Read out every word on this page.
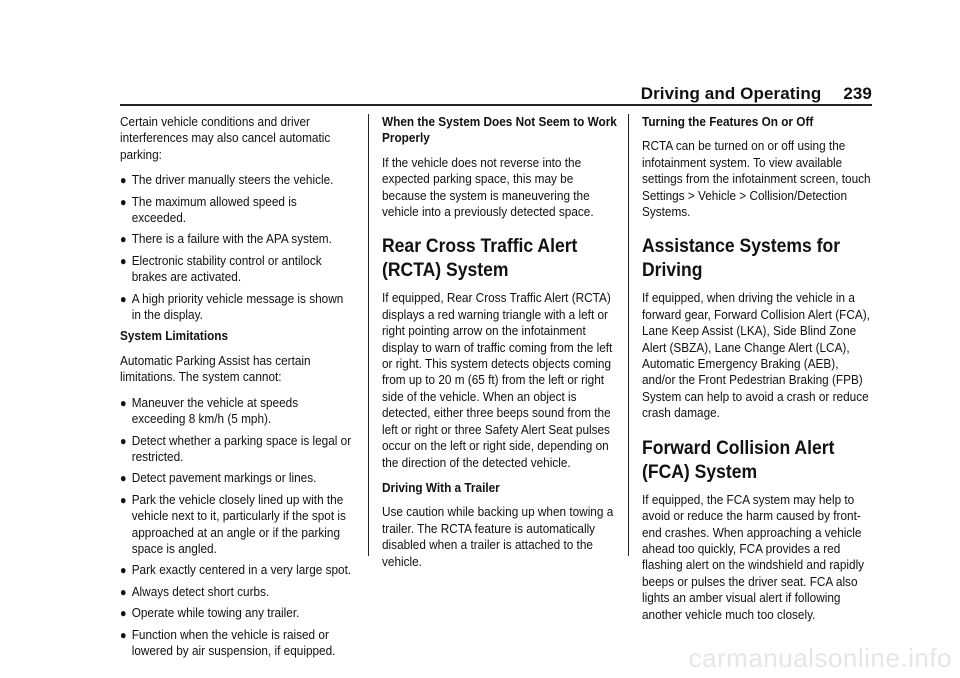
Driving and Operating 239

Certain vehicle conditions and driver interferences may also cancel automatic parking:

● The driver manually steers the vehicle.
● The maximum allowed speed is exceeded.
● There is a failure with the APA system.
● Electronic stability control or antilock brakes are activated.
● A high priority vehicle message is shown in the display.

System Limitations

Automatic Parking Assist has certain limitations. The system cannot:

● Maneuver the vehicle at speeds exceeding 8 km/h (5 mph).
● Detect whether a parking space is legal or restricted.
● Detect pavement markings or lines.
● Park the vehicle closely lined up with the vehicle next to it, particularly if the spot is approached at an angle or if the parking space is angled.
● Park exactly centered in a very large spot.
● Always detect short curbs.
● Operate while towing any trailer.
● Function when the vehicle is raised or lowered by air suspension, if equipped.

When the System Does Not Seem to Work Properly

If the vehicle does not reverse into the expected parking space, this may be because the system is maneuvering the vehicle into a previously detected space.

Rear Cross Traffic Alert (RCTA) System

If equipped, Rear Cross Traffic Alert (RCTA) displays a red warning triangle with a left or right pointing arrow on the infotainment display to warn of traffic coming from the left or right. This system detects objects coming from up to 20 m (65 ft) from the left or right side of the vehicle. When an object is detected, either three beeps sound from the left or right or three Safety Alert Seat pulses occur on the left or right side, depending on the direction of the detected vehicle.

Driving With a Trailer

Use caution while backing up when towing a trailer. The RCTA feature is automatically disabled when a trailer is attached to the vehicle.

Turning the Features On or Off

RCTA can be turned on or off using the infotainment system. To view available settings from the infotainment screen, touch Settings > Vehicle > Collision/Detection Systems.

Assistance Systems for Driving

If equipped, when driving the vehicle in a forward gear, Forward Collision Alert (FCA), Lane Keep Assist (LKA), Side Blind Zone Alert (SBZA), Lane Change Alert (LCA), Automatic Emergency Braking (AEB), and/or the Front Pedestrian Braking (FPB) System can help to avoid a crash or reduce crash damage.

Forward Collision Alert (FCA) System

If equipped, the FCA system may help to avoid or reduce the harm caused by front-end crashes. When approaching a vehicle ahead too quickly, FCA provides a red flashing alert on the windshield and rapidly beeps or pulses the driver seat. FCA also lights an amber visual alert if following another vehicle much too closely.

carmanualsonline.info
